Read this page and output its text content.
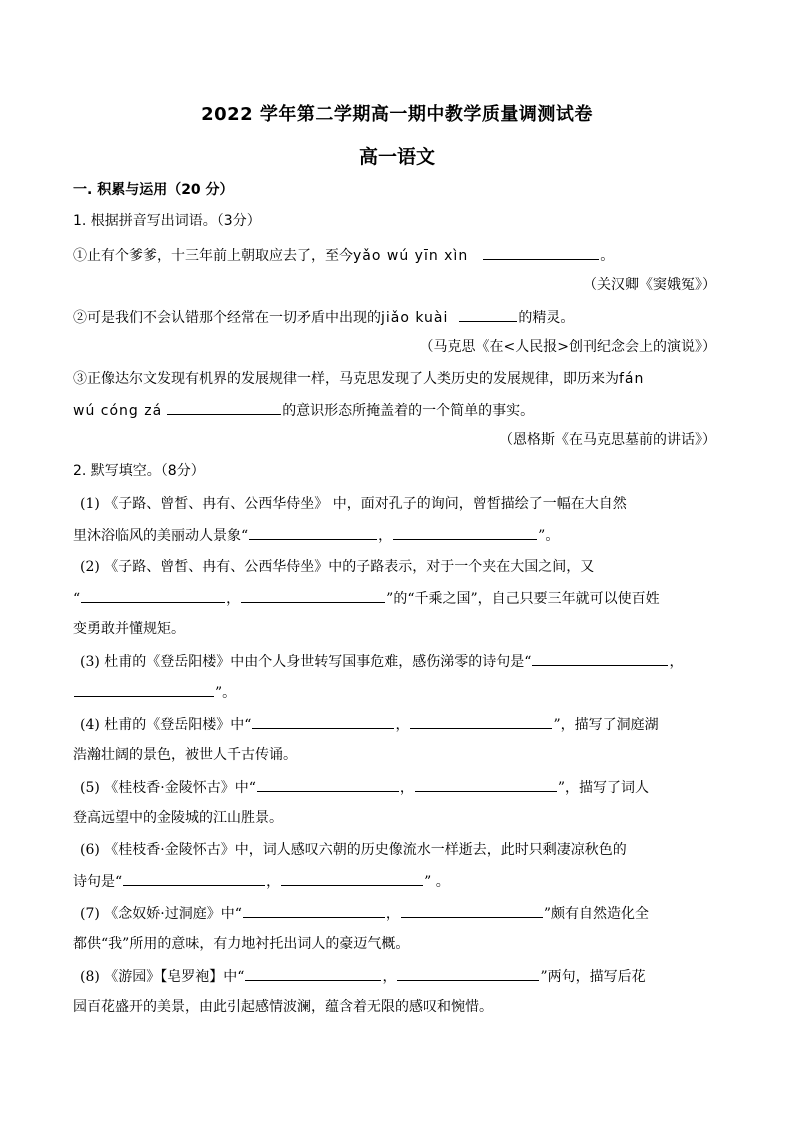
2022 学年第二学期高一期中教学质量调测试卷
高一语文
一. 积累与运用（20 分）
1. 根据拼音写出词语。（3分）
①止有个爹爹，十三年前上朝取应去了，至今yǎo wú yīn xìn	。
（关汉卿《窦娥冤》）
②可是我们不会认错那个经常在一切矛盾中出现的jiǎo kuài	的精灵。
（马克思《在<人民报>创刊纪念会上的演说》）
③正像达尔文发现有机界的发展规律一样，马克思发现了人类历史的发展规律，即历来为fán
wú cóng zá	的意识形态所掩盖着的一个简单的事实。
（恩格斯《在马克思墓前的讲话》）
2. 默写填空。（8分）
(1) 《子路、曾皙、冉有、公西华侍坐》 中，面对孔子的询问，曾皙描绘了一幅在大自然
里沐浴临风的美丽动人景象“	，	”。
(2) 《子路、曾皙、冉有、公西华侍坐》中的子路表示，对于一个夹在大国之间，又
“	，	”的“千乘之国”，自己只要三年就可以使百姓
变勇敢并懂规矩。
(3) 杜甫的《登岳阳楼》中由个人身世转写国事危难，感伤涕零的诗句是“	，
”。
(4) 杜甫的《登岳阳楼》中“	，	”，描写了洞庭湖
浩瀚壮阔的景色，被世人千古传诵。
(5) 《桂枝香·金陵怀古》中“	，	”，描写了词人
登高远望中的金陵城的江山胜景。
(6) 《桂枝香·金陵怀古》中，词人感叹六朝的历史像流水一样逝去，此时只剩凄凉秋色的
诗句是“	，	” 。
(7) 《念奴娇·过洞庭》中“	，	”颇有自然造化全
都供“我”所用的意味，有力地衬托出词人的豪迈气概。
(8) 《游园》【皂罗袍】中“	，	”两句，描写后花
园百花盛开的美景，由此引起感情波澜，蕴含着无限的感叹和惋惜。
